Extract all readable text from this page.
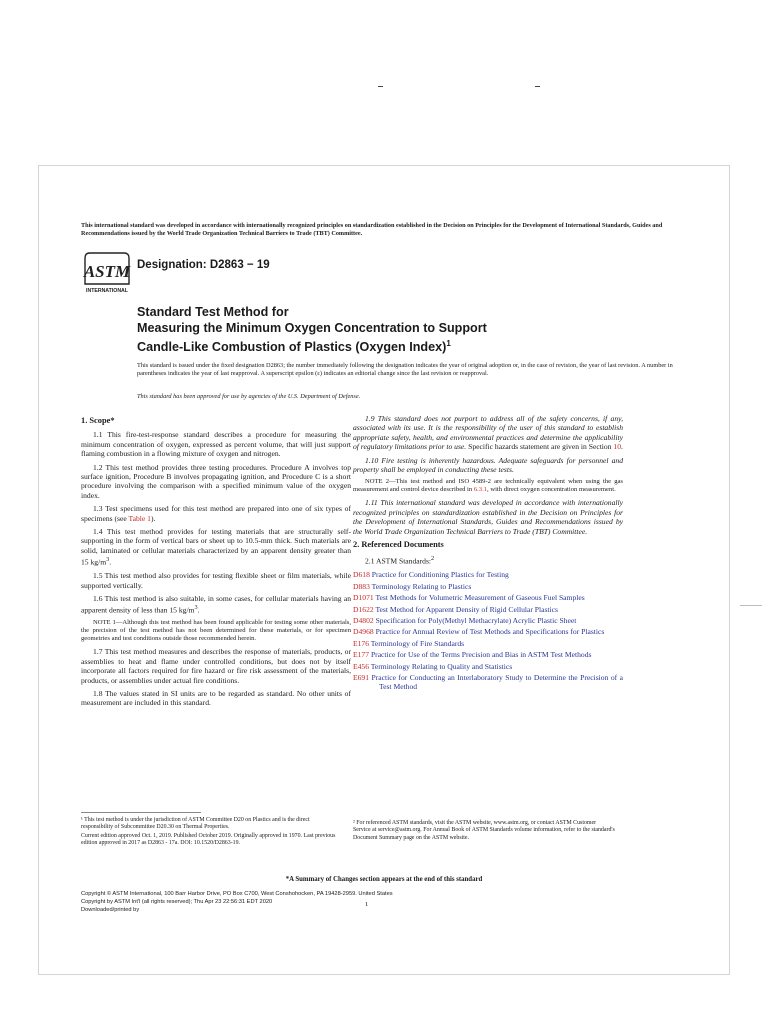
This international standard was developed in accordance with internationally recognized principles on standardization established in the Decision on Principles for the Development of International Standards, Guides and Recommendations issued by the World Trade Organization Technical Barriers to Trade (TBT) Committee.
ASTM
INTERNATIONAL
Designation: D2863 − 19
Standard Test Method for
Measuring the Minimum Oxygen Concentration to Support
Candle-Like Combustion of Plastics (Oxygen Index)$^1$
This standard is issued under the fixed designation D2863; the number immediately following the designation indicates the year of original adoption or, in the case of revision, the year of last revision. A number in parentheses indicates the year of last reapproval. A superscript epsilon (ε) indicates an editorial change since the last revision or reapproval.
This standard has been approved for use by agencies of the U.S. Department of Defense.
1. Scope*

1.1 This fire-test-response standard describes a procedure for measuring the minimum concentration of oxygen, expressed as percent volume, that will just support flaming combustion in a flowing mixture of oxygen and nitrogen.

1.2 This test method provides three testing procedures. Procedure A involves top surface ignition, Procedure B involves propagating ignition, and Procedure C is a short procedure involving the comparison with a specified minimum value of the oxygen index.

1.3 Test specimens used for this test method are prepared into one of six types of specimens (see Table 1).

1.4 This test method provides for testing materials that are structurally self-supporting in the form of vertical bars or sheet up to 10.5-mm thick. Such materials are solid, laminated or cellular materials characterized by an apparent density greater than 15 $kg/m^3$.

1.5 This test method also provides for testing flexible sheet or film materials, while supported vertically.

1.6 This test method is also suitable, in some cases, for cellular materials having an apparent density of less than 15 $kg/m^3$.

NOTE 1—Although this test method has been found applicable for testing some other materials, the precision of the test method has not been determined for these materials, or for specimen geometries and test conditions outside those recommended herein.

1.7 This test method measures and describes the response of materials, products, or assemblies to heat and flame under controlled conditions, but does not by itself incorporate all factors required for fire hazard or fire risk assessment of the materials, products, or assemblies under actual fire conditions.

1.8 The values stated in SI units are to be regarded as standard. No other units of measurement are included in this standard.

1.9 This standard does not purport to address all of the safety concerns, if any, associated with its use. It is the responsibility of the user of this standard to establish appropriate safety, health, and environmental practices and determine the applicability of regulatory limitations prior to use. Specific hazards statement are given in Section 10.

1.10 Fire testing is inherently hazardous. Adequate safeguards for personnel and property shall be employed in conducting these tests.

NOTE 2—This test method and ISO 4589-2 are technically equivalent when using the gas measurement and control device described in 6.3.1, with direct oxygen concentration measurement.

1.11 This international standard was developed in accordance with internationally recognized principles on standardization established in the Decision on Principles for the Development of International Standards, Guides and Recommendations issued by the World Trade Organization Technical Barriers to Trade (TBT) Committee.

2. Referenced Documents

2.1 ASTM Standards:$^2$

D618 Practice for Conditioning Plastics for Testing
D883 Terminology Relating to Plastics
D1071 Test Methods for Volumetric Measurement of Gaseous Fuel Samples
D1622 Test Method for Apparent Density of Rigid Cellular Plastics
D4802 Specification for Poly(Methyl Methacrylate) Acrylic Plastic Sheet
D4968 Practice for Annual Review of Test Methods and Specifications for Plastics
E176 Terminology of Fire Standards
E177 Practice for Use of the Terms Precision and Bias in ASTM Test Methods
E456 Terminology Relating to Quality and Statistics
E691 Practice for Conducting an Interlaboratory Study to Determine the Precision of a Test Method
¹ This test method is under the jurisdiction of ASTM Committee D20 on Plastics and is the direct responsibility of Subcommittee D20.30 on Thermal Properties.
Current edition approved Oct. 1, 2019. Published October 2019. Originally approved in 1970. Last previous edition approved in 2017 as D2863 - 17a. DOI: 10.1520/D2863-19.
² For referenced ASTM standards, visit the ASTM website, www.astm.org, or contact ASTM Customer Service at service@astm.org. For Annual Book of ASTM Standards volume information, refer to the standard's Document Summary page on the ASTM website.
*A Summary of Changes section appears at the end of this standard
Copyright © ASTM International, 100 Barr Harbor Drive, PO Box C700, West Conshohocken, PA 19428-2959. United States
Copyright by ASTM Int'l (all rights reserved); Thu Apr 23 22:56:31 EDT 2020
Downloaded/printed by
1
